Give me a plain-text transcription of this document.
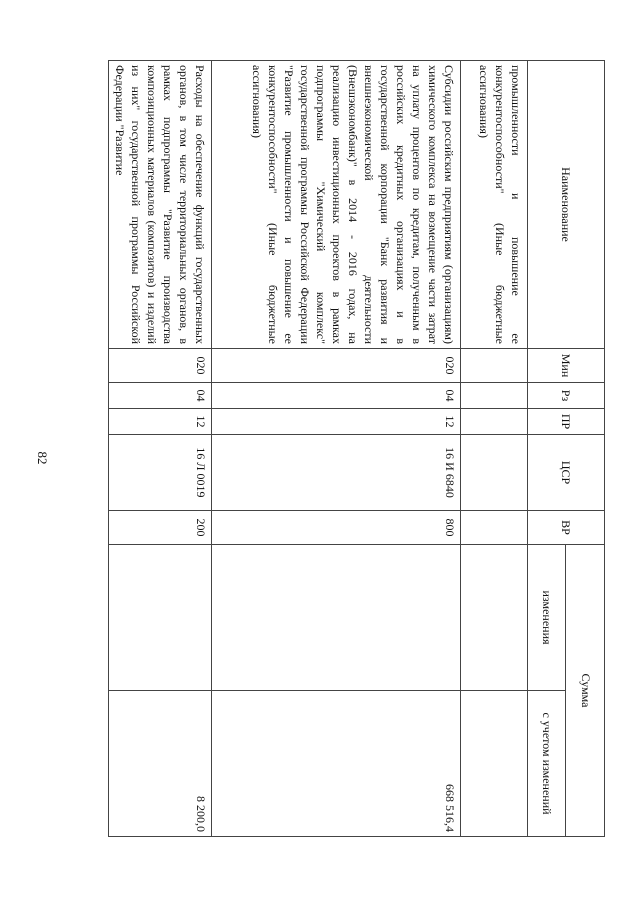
82
Наименование	Мин	Рз	ПР	ЦСР	ВР	Сумма	
						изменения	с учетом изменений
промышленности и повышение ее конкурентоспособности" (Иные бюджетные ассигнования)							
Субсидии российским предприятиям (организациям) химического комплекса на возмещение части затрат на уплату процентов по кредитам, полученным в российских кредитных организациях и в государственной корпорации "Банк развития и внешнеэкономической деятельности (Внешэкономбанк)" в 2014 - 2016 годах, на реализацию инвестиционных проектов в рамках подпрограммы "Химический комплекс" государственной программы Российской Федерации "Развитие промышленности и повышение ее конкурентоспособности" (Иные бюджетные ассигнования)	020	04	12	16 И 6840	800		668 516,4
Расходы на обеспечение функций государственных органов, в том числе территориальных органов, в рамках подпрограммы "Развитие производства композиционных материалов (композитов) и изделий из них" государственной программы Российской Федерации "Развитие	020	04	12	16 Л 0019	200		8 200,0
